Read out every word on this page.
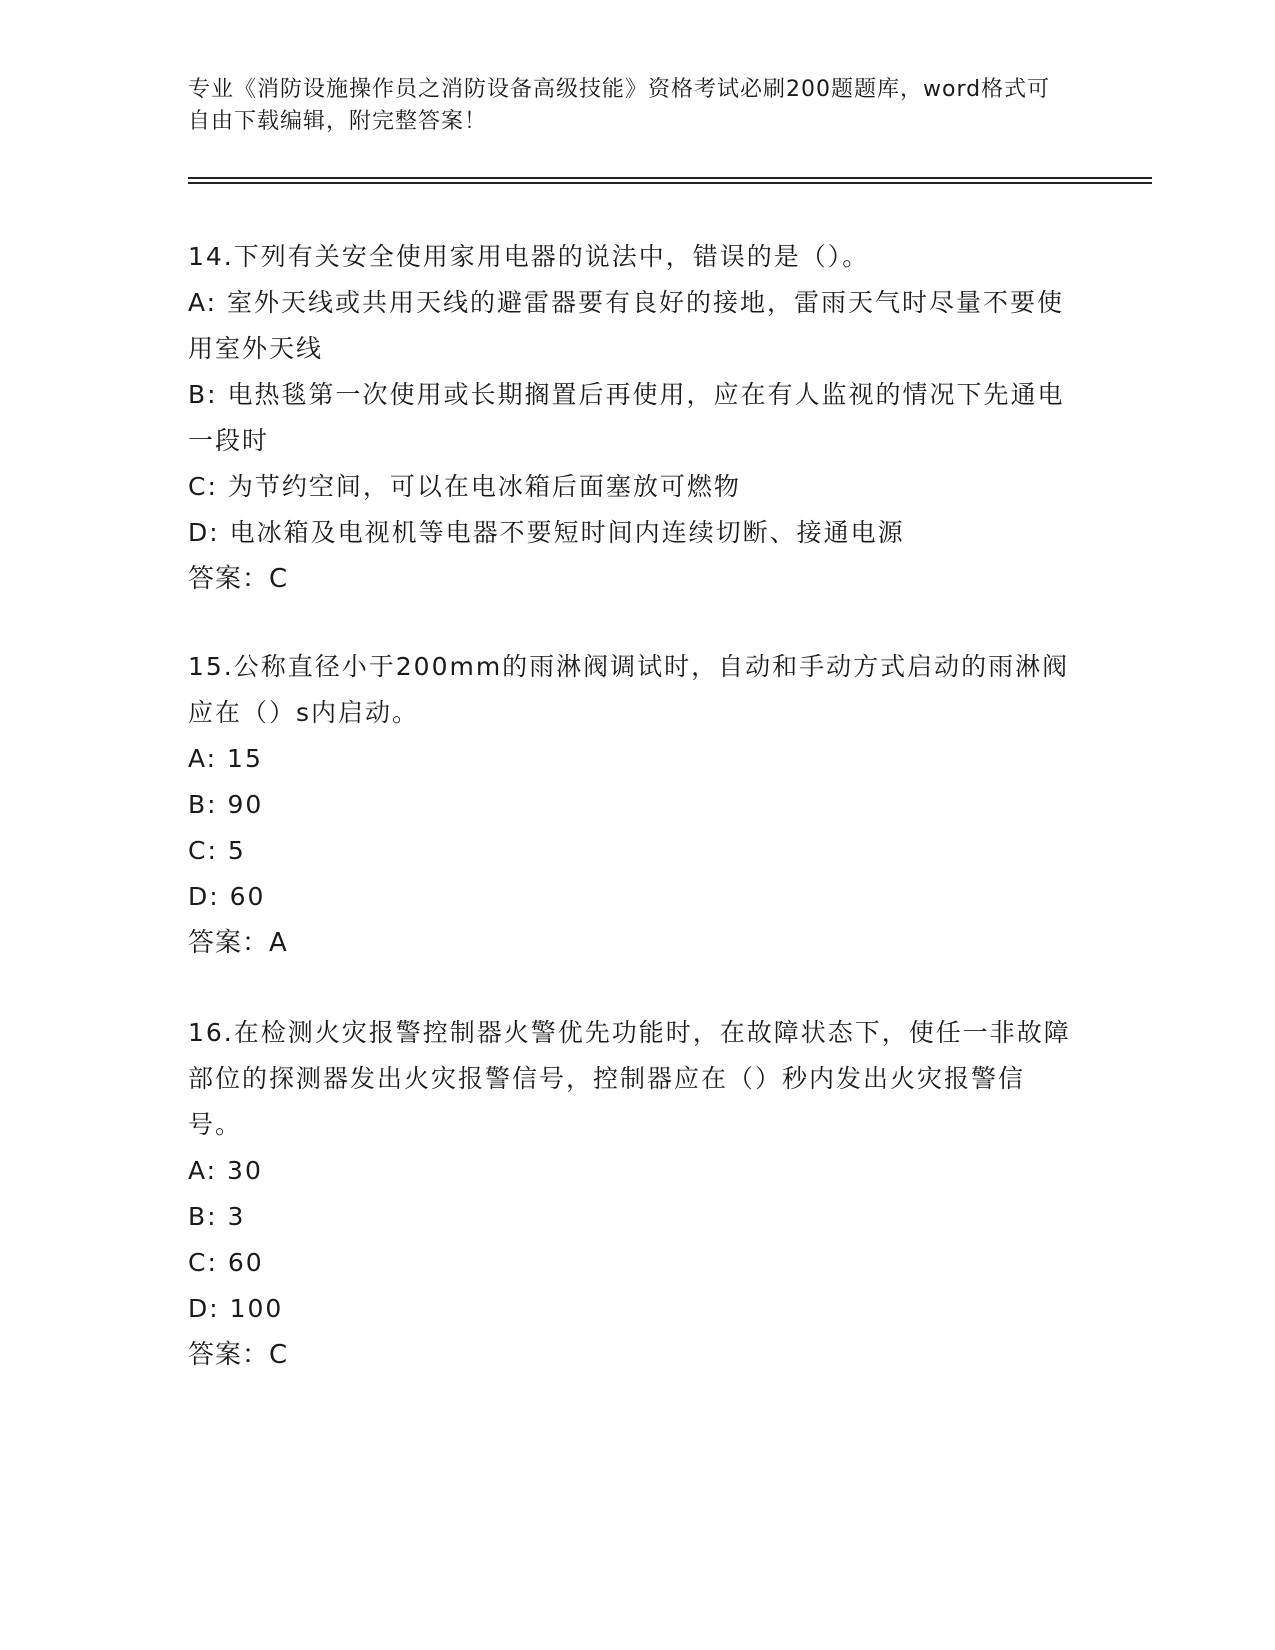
专业《消防设施操作员之消防设备高级技能》资格考试必刷200题题库，word格式可自由下载编辑，附完整答案！
14.下列有关安全使用家用电器的说法中，错误的是（）。
A: 室外天线或共用天线的避雷器要有良好的接地，雷雨天气时尽量不要使用室外天线
B: 电热毯第一次使用或长期搁置后再使用，应在有人监视的情况下先通电一段时
C: 为节约空间，可以在电冰箱后面塞放可燃物
D: 电冰箱及电视机等电器不要短时间内连续切断、接通电源
答案：C
15.公称直径小于200mm的雨淋阀调试时，自动和手动方式启动的雨淋阀应在（）s内启动。
A: 15
B: 90
C: 5
D: 60
答案：A
16.在检测火灾报警控制器火警优先功能时，在故障状态下，使任一非故障部位的探测器发出火灾报警信号，控制器应在（）秒内发出火灾报警信号。
A: 30
B: 3
C: 60
D: 100
答案：C
